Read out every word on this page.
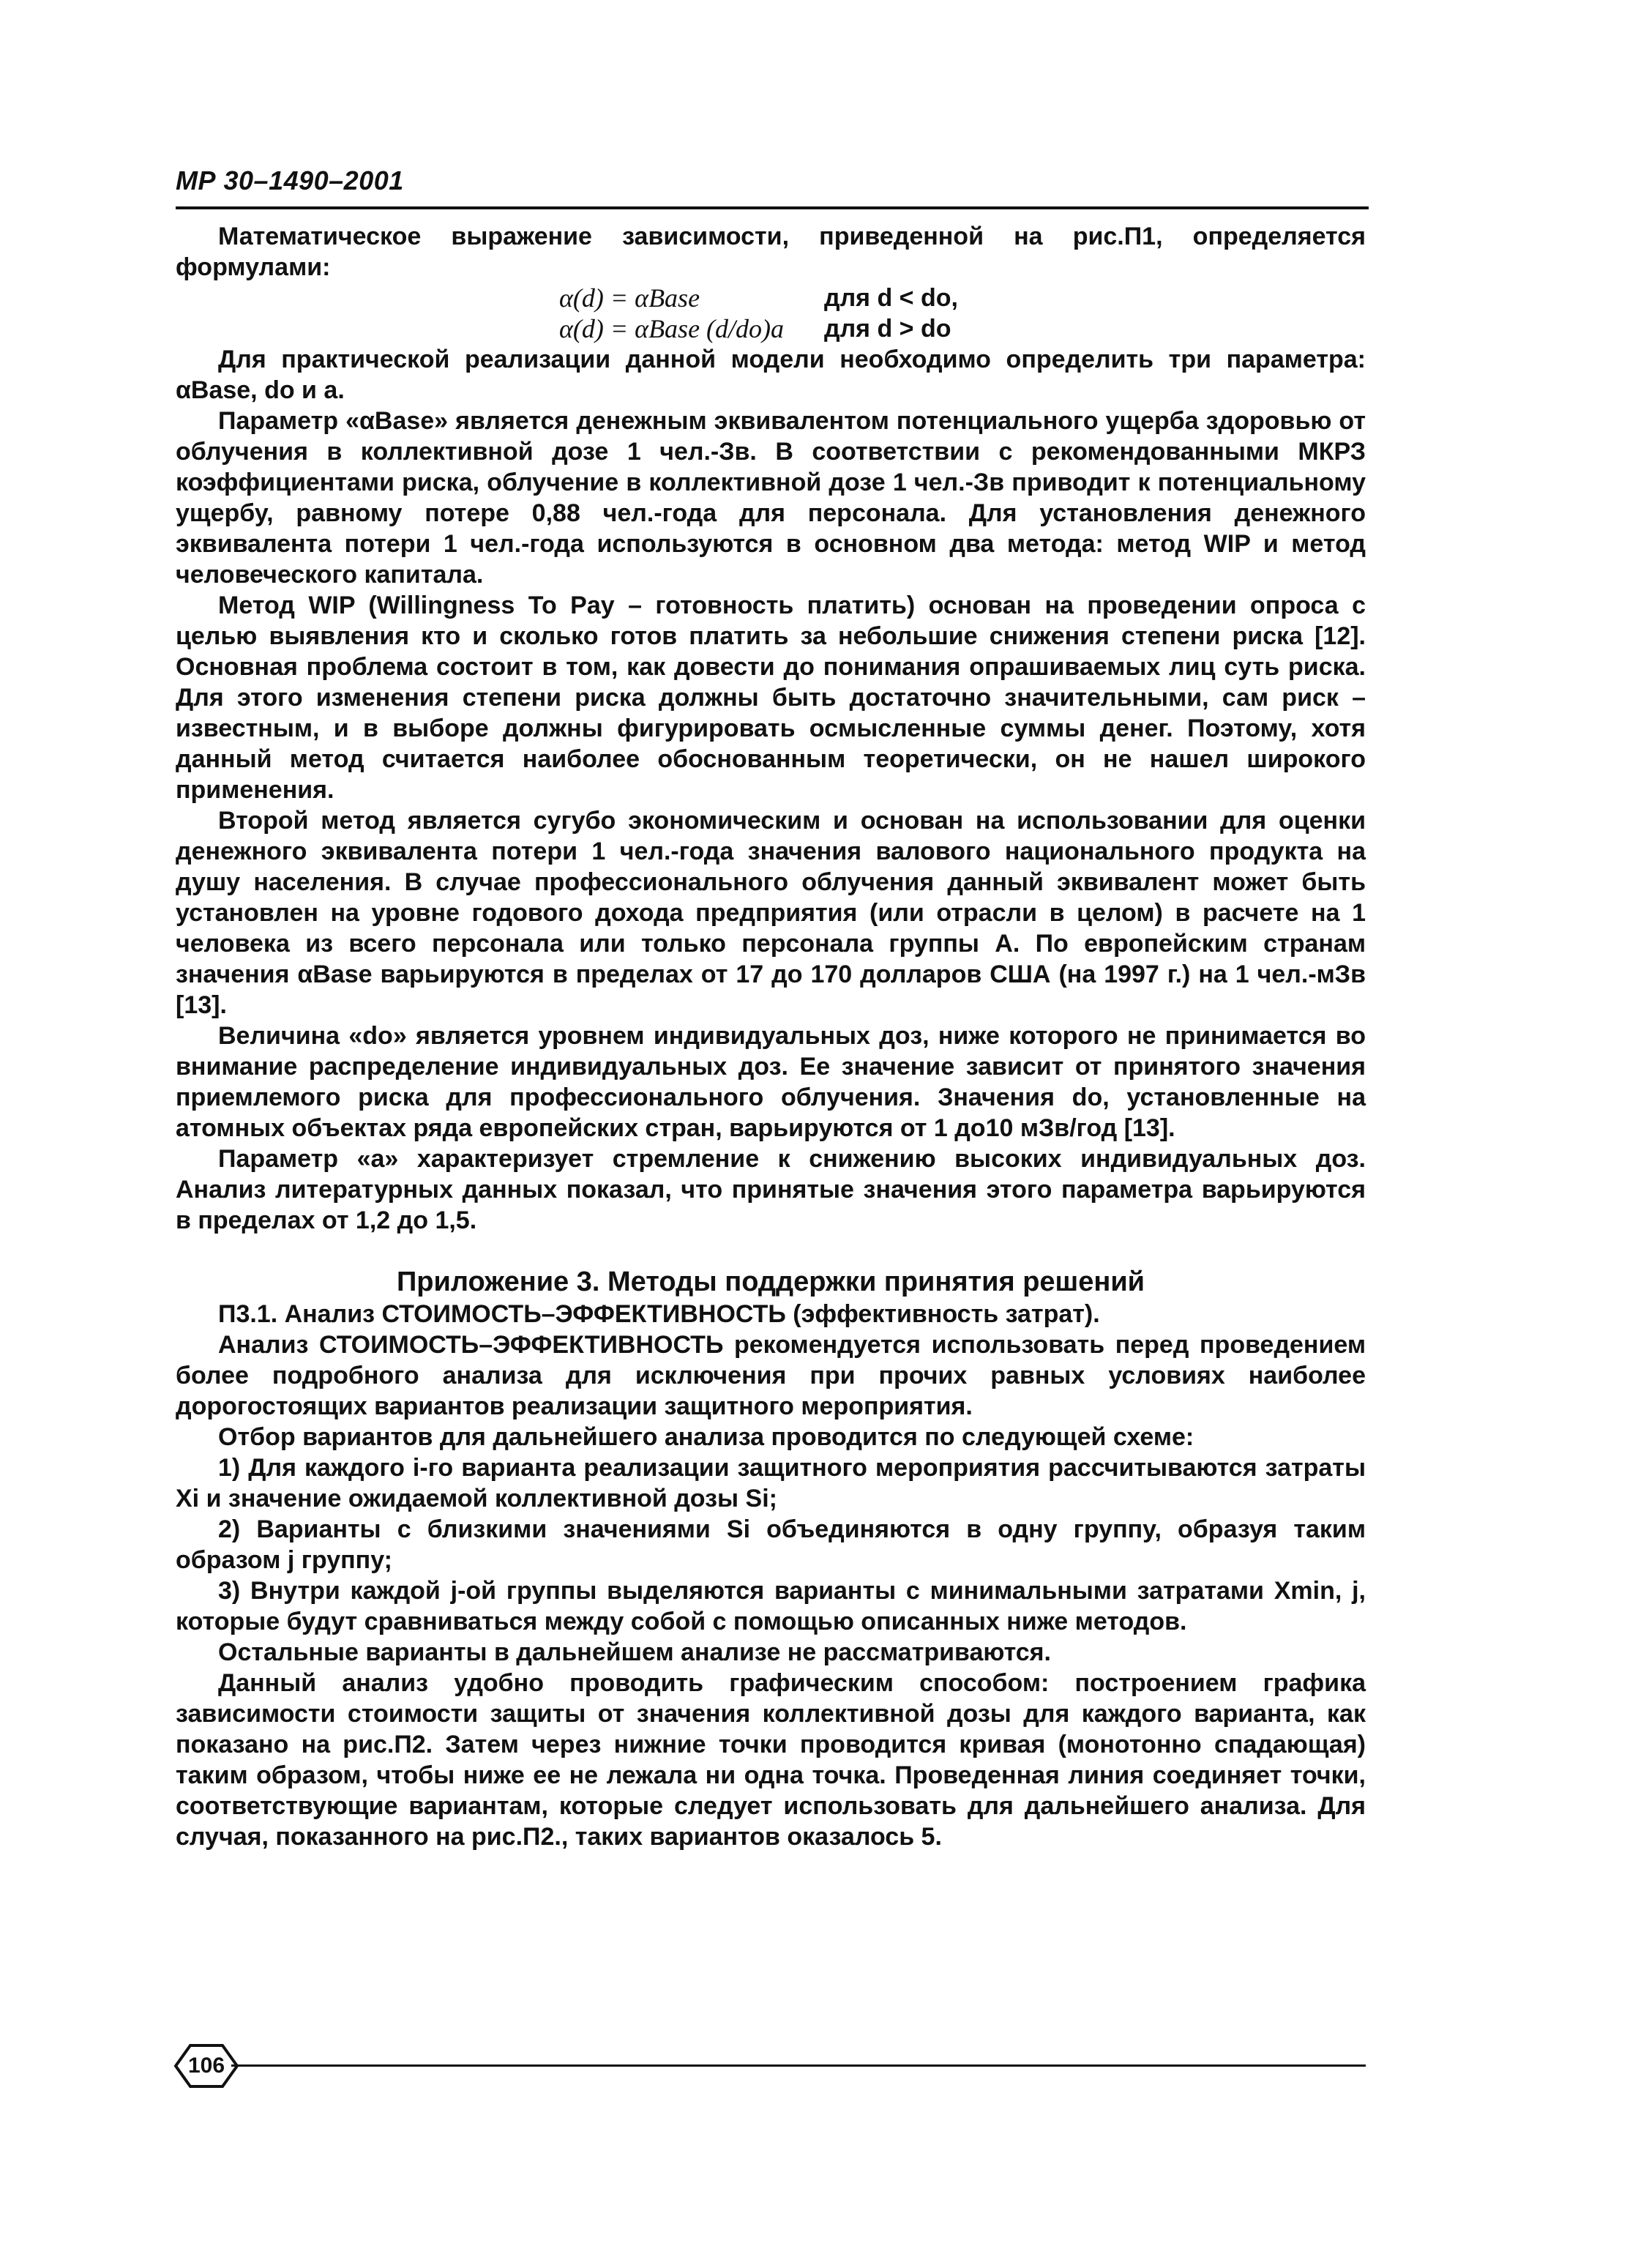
МР 30–1490–2001

Математическое выражение зависимости, приведенной на рис.П1, определяется формулами:

α(d) = αBase	для d < do,
α(d) = αBase (d/do)a	для d > do

Для практической реализации данной модели необходимо определить три параметра: αBase, do и a.

Параметр «αBase» является денежным эквивалентом потенциального ущерба здоровью от облучения в коллективной дозе 1 чел.-Зв. В соответствии с рекомендованными МКРЗ коэффициентами риска, облучение в коллективной дозе 1 чел.-Зв приводит к потенциальному ущербу, равному потере 0,88 чел.-года для персонала. Для установления денежного эквивалента потери 1 чел.-года используются в основном два метода: метод WIP и метод человеческого капитала.

Метод WIP (Willingness To Pay – готовность платить) основан на проведении опроса с целью выявления кто и сколько готов платить за небольшие снижения степени риска [12]. Основная проблема состоит в том, как довести до понимания опрашиваемых лиц суть риска. Для этого изменения степени риска должны быть достаточно значительными, сам риск – известным, и в выборе должны фигурировать осмысленные суммы денег. Поэтому, хотя данный метод считается наиболее обоснованным теоретически, он не нашел широкого применения.

Второй метод является сугубо экономическим и основан на использовании для оценки денежного эквивалента потери 1 чел.-года значения валового национального продукта на душу населения. В случае профессионального облучения данный эквивалент может быть установлен на уровне годового дохода предприятия (или отрасли в целом) в расчете на 1 человека из всего персонала или только персонала группы А. По европейским странам значения αBase варьируются в пределах от 17 до 170 долларов США (на 1997 г.) на 1 чел.-мЗв [13].

Величина «do» является уровнем индивидуальных доз, ниже которого не принимается во внимание распределение индивидуальных доз. Ее значение зависит от принятого значения приемлемого риска для профессионального облучения. Значения do, установленные на атомных объектах ряда европейских стран, варьируются от 1 до10 мЗв/год [13].

Параметр «a» характеризует стремление к снижению высоких индивидуальных доз. Анализ литературных данных показал, что принятые значения этого параметра варьируются в пределах от 1,2 до 1,5.

Приложение 3. Методы поддержки принятия решений

П3.1. Анализ СТОИМОСТЬ–ЭФФЕКТИВНОСТЬ (эффективность затрат).

Анализ СТОИМОСТЬ–ЭФФЕКТИВНОСТЬ рекомендуется использовать перед проведением более подробного анализа для исключения при прочих равных условиях наиболее дорогостоящих вариантов реализации защитного мероприятия.

Отбор вариантов для дальнейшего анализа проводится по следующей схеме:

1) Для каждого i-го варианта реализации защитного мероприятия рассчитываются затраты Xi и значение ожидаемой коллективной дозы Si;

2) Варианты с близкими значениями Si объединяются в одну группу, образуя таким образом j группу;

3) Внутри каждой j-ой группы выделяются варианты с минимальными затратами Xmin, j, которые будут сравниваться между собой с помощью описанных ниже методов.

Остальные варианты в дальнейшем анализе не рассматриваются.

Данный анализ удобно проводить графическим способом: построением графика зависимости стоимости защиты от значения коллективной дозы для каждого варианта, как показано на рис.П2. Затем через нижние точки проводится кривая (монотонно спадающая) таким образом, чтобы ниже ее не лежала ни одна точка. Проведенная линия соединяет точки, соответствующие вариантам, которые следует использовать для дальнейшего анализа. Для случая, показанного на рис.П2., таких вариантов оказалось 5.

106
